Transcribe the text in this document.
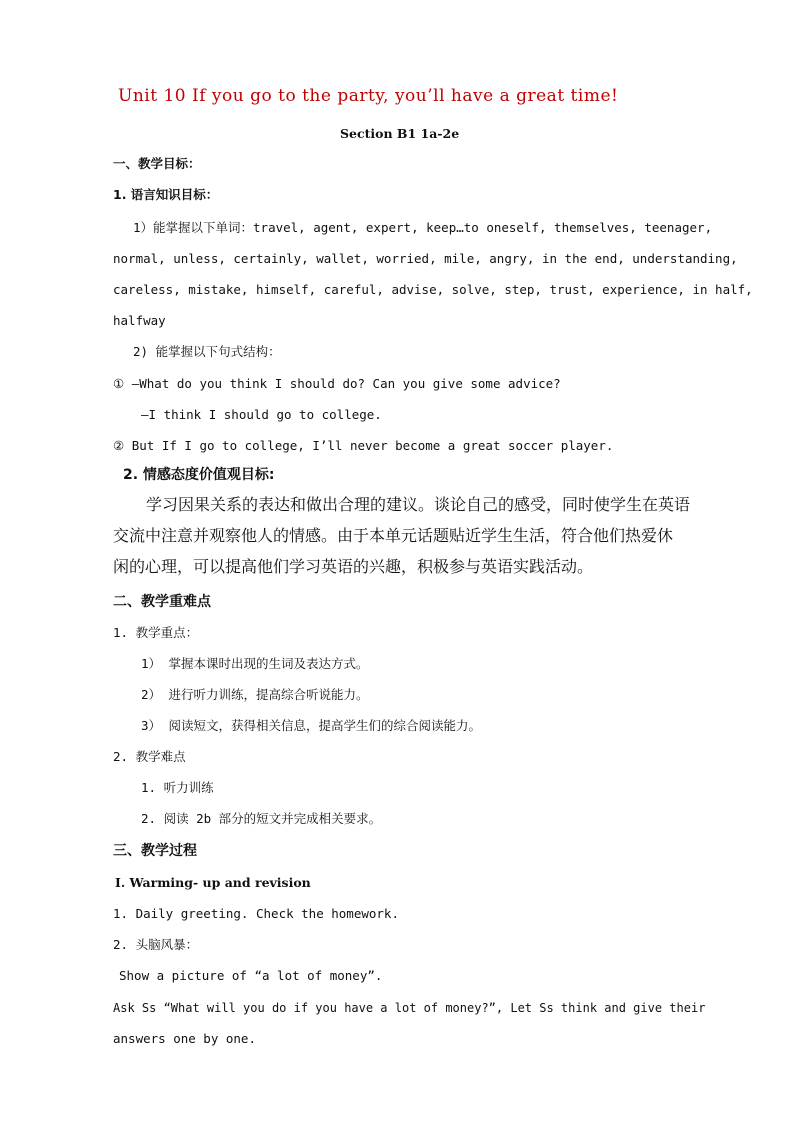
Unit 10 If you go to the party, you’ll have a great time!
Section B1 1a-2e
一、教学目标：
1. 语言知识目标：
1）能掌握以下单词：travel, agent, expert, keep…to oneself, themselves, teenager,
normal, unless, certainly, wallet, worried, mile, angry, in the end, understanding,
careless, mistake, himself, careful, advise, solve, step, trust, experience, in half,
halfway
2) 能掌握以下句式结构：
① —What do you think I should do? Can you give some advice?
—I think I should go to college.
② But If I go to college, I’ll never become a great soccer player.
2. 情感态度价值观目标:
学习因果关系的表达和做出合理的建议。谈论自己的感受，同时使学生在英语
交流中注意并观察他人的情感。由于本单元话题贴近学生生活，符合他们热爱休
闲的心理，可以提高他们学习英语的兴趣，积极参与英语实践活动。
二、教学重难点
1. 教学重点：
1） 掌握本课时出现的生词及表达方式。
2） 进行听力训练，提高综合听说能力。
3） 阅读短文，获得相关信息，提高学生们的综合阅读能力。
2. 教学难点
1. 听力训练
2. 阅读 2b 部分的短文并完成相关要求。
三、教学过程
Ⅰ. Warming- up and revision
1. Daily greeting. Check the homework.
2. 头脑风暴：
Show a picture of “a lot of money”.
Ask Ss “What will you do if you have a lot of money?”, Let Ss think and give their
answers one by one.
